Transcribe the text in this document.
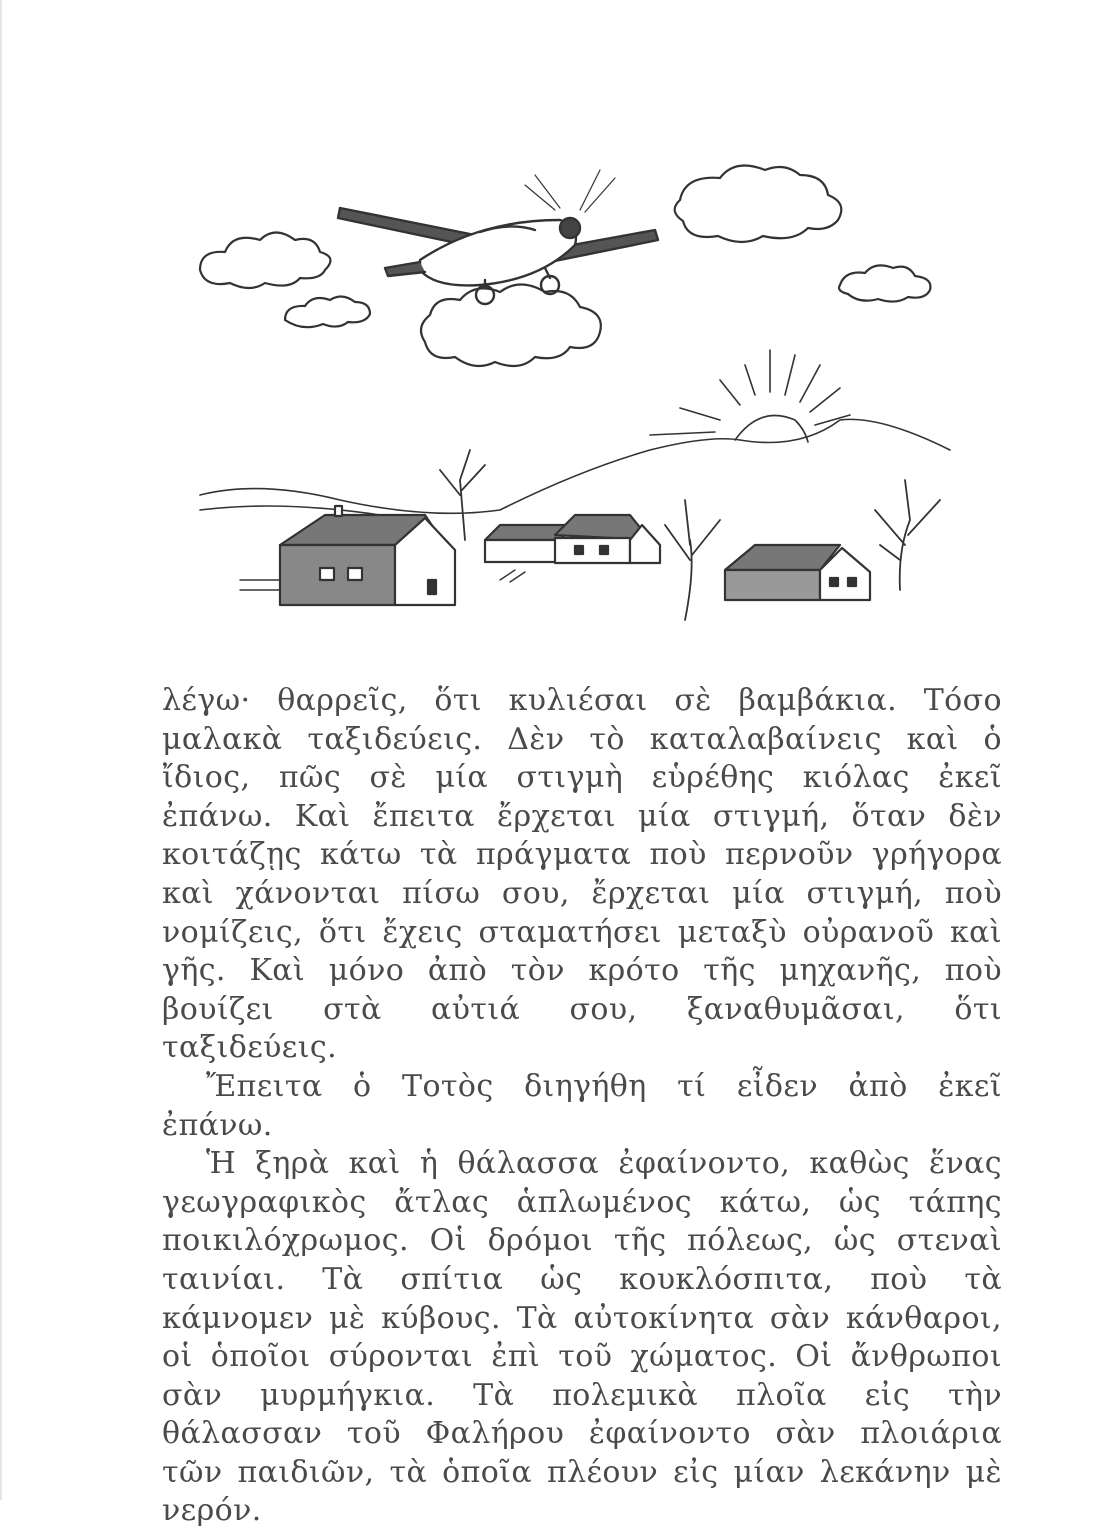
λέγω· θαρρεῖς, ὅτι κυλιέσαι σὲ βαμβάκια. Τόσο μαλακὰ ταξιδεύεις. Δὲν τὸ καταλαβαίνεις καὶ ὁ ἴδιος, πῶς σὲ μία στιγμὴ εὑρέθης κιόλας ἐκεῖ ἐπάνω. Καὶ ἔπειτα ἔρχεται μία στιγμή, ὅταν δὲν κοιτάζῃς κάτω τὰ πράγματα ποὺ περνοῦν γρήγορα καὶ χάνονται πίσω σου, ἔρχεται μία στιγμή, ποὺ νομίζεις, ὅτι ἔχεις σταματήσει μεταξὺ οὐρανοῦ καὶ γῆς. Καὶ μόνο ἀπὸ τὸν κρότο τῆς μηχανῆς, ποὺ βουίζει στὰ αὐτιά σου, ξαναθυμᾶσαι, ὅτι ταξιδεύεις.

Ἔπειτα ὁ Τοτὸς διηγήθη τί εἶδεν ἀπὸ ἐκεῖ ἐπάνω.

Ἡ ξηρὰ καὶ ἡ θάλασσα ἐφαίνοντο, καθὼς ἕνας γεωγραφικὸς ἄτλας ἁπλωμένος κάτω, ὡς τάπης ποικιλόχρωμος. Οἱ δρόμοι τῆς πόλεως, ὡς στεναὶ ταινίαι. Τὰ σπίτια ὡς κουκλόσπιτα, ποὺ τὰ κάμνομεν μὲ κύβους. Τὰ αὐτοκίνητα σὰν κάνθαροι, οἱ ὁποῖοι σύρονται ἐπὶ τοῦ χώματος. Οἱ ἄνθρωποι σὰν μυρμήγκια. Τὰ πολεμικὰ πλοῖα εἰς τὴν θάλασσαν τοῦ Φαλήρου ἐφαίνοντο σὰν πλοιάρια τῶν παιδιῶν, τὰ ὁποῖα πλέουν εἰς μίαν λεκάνην μὲ νερόν.
